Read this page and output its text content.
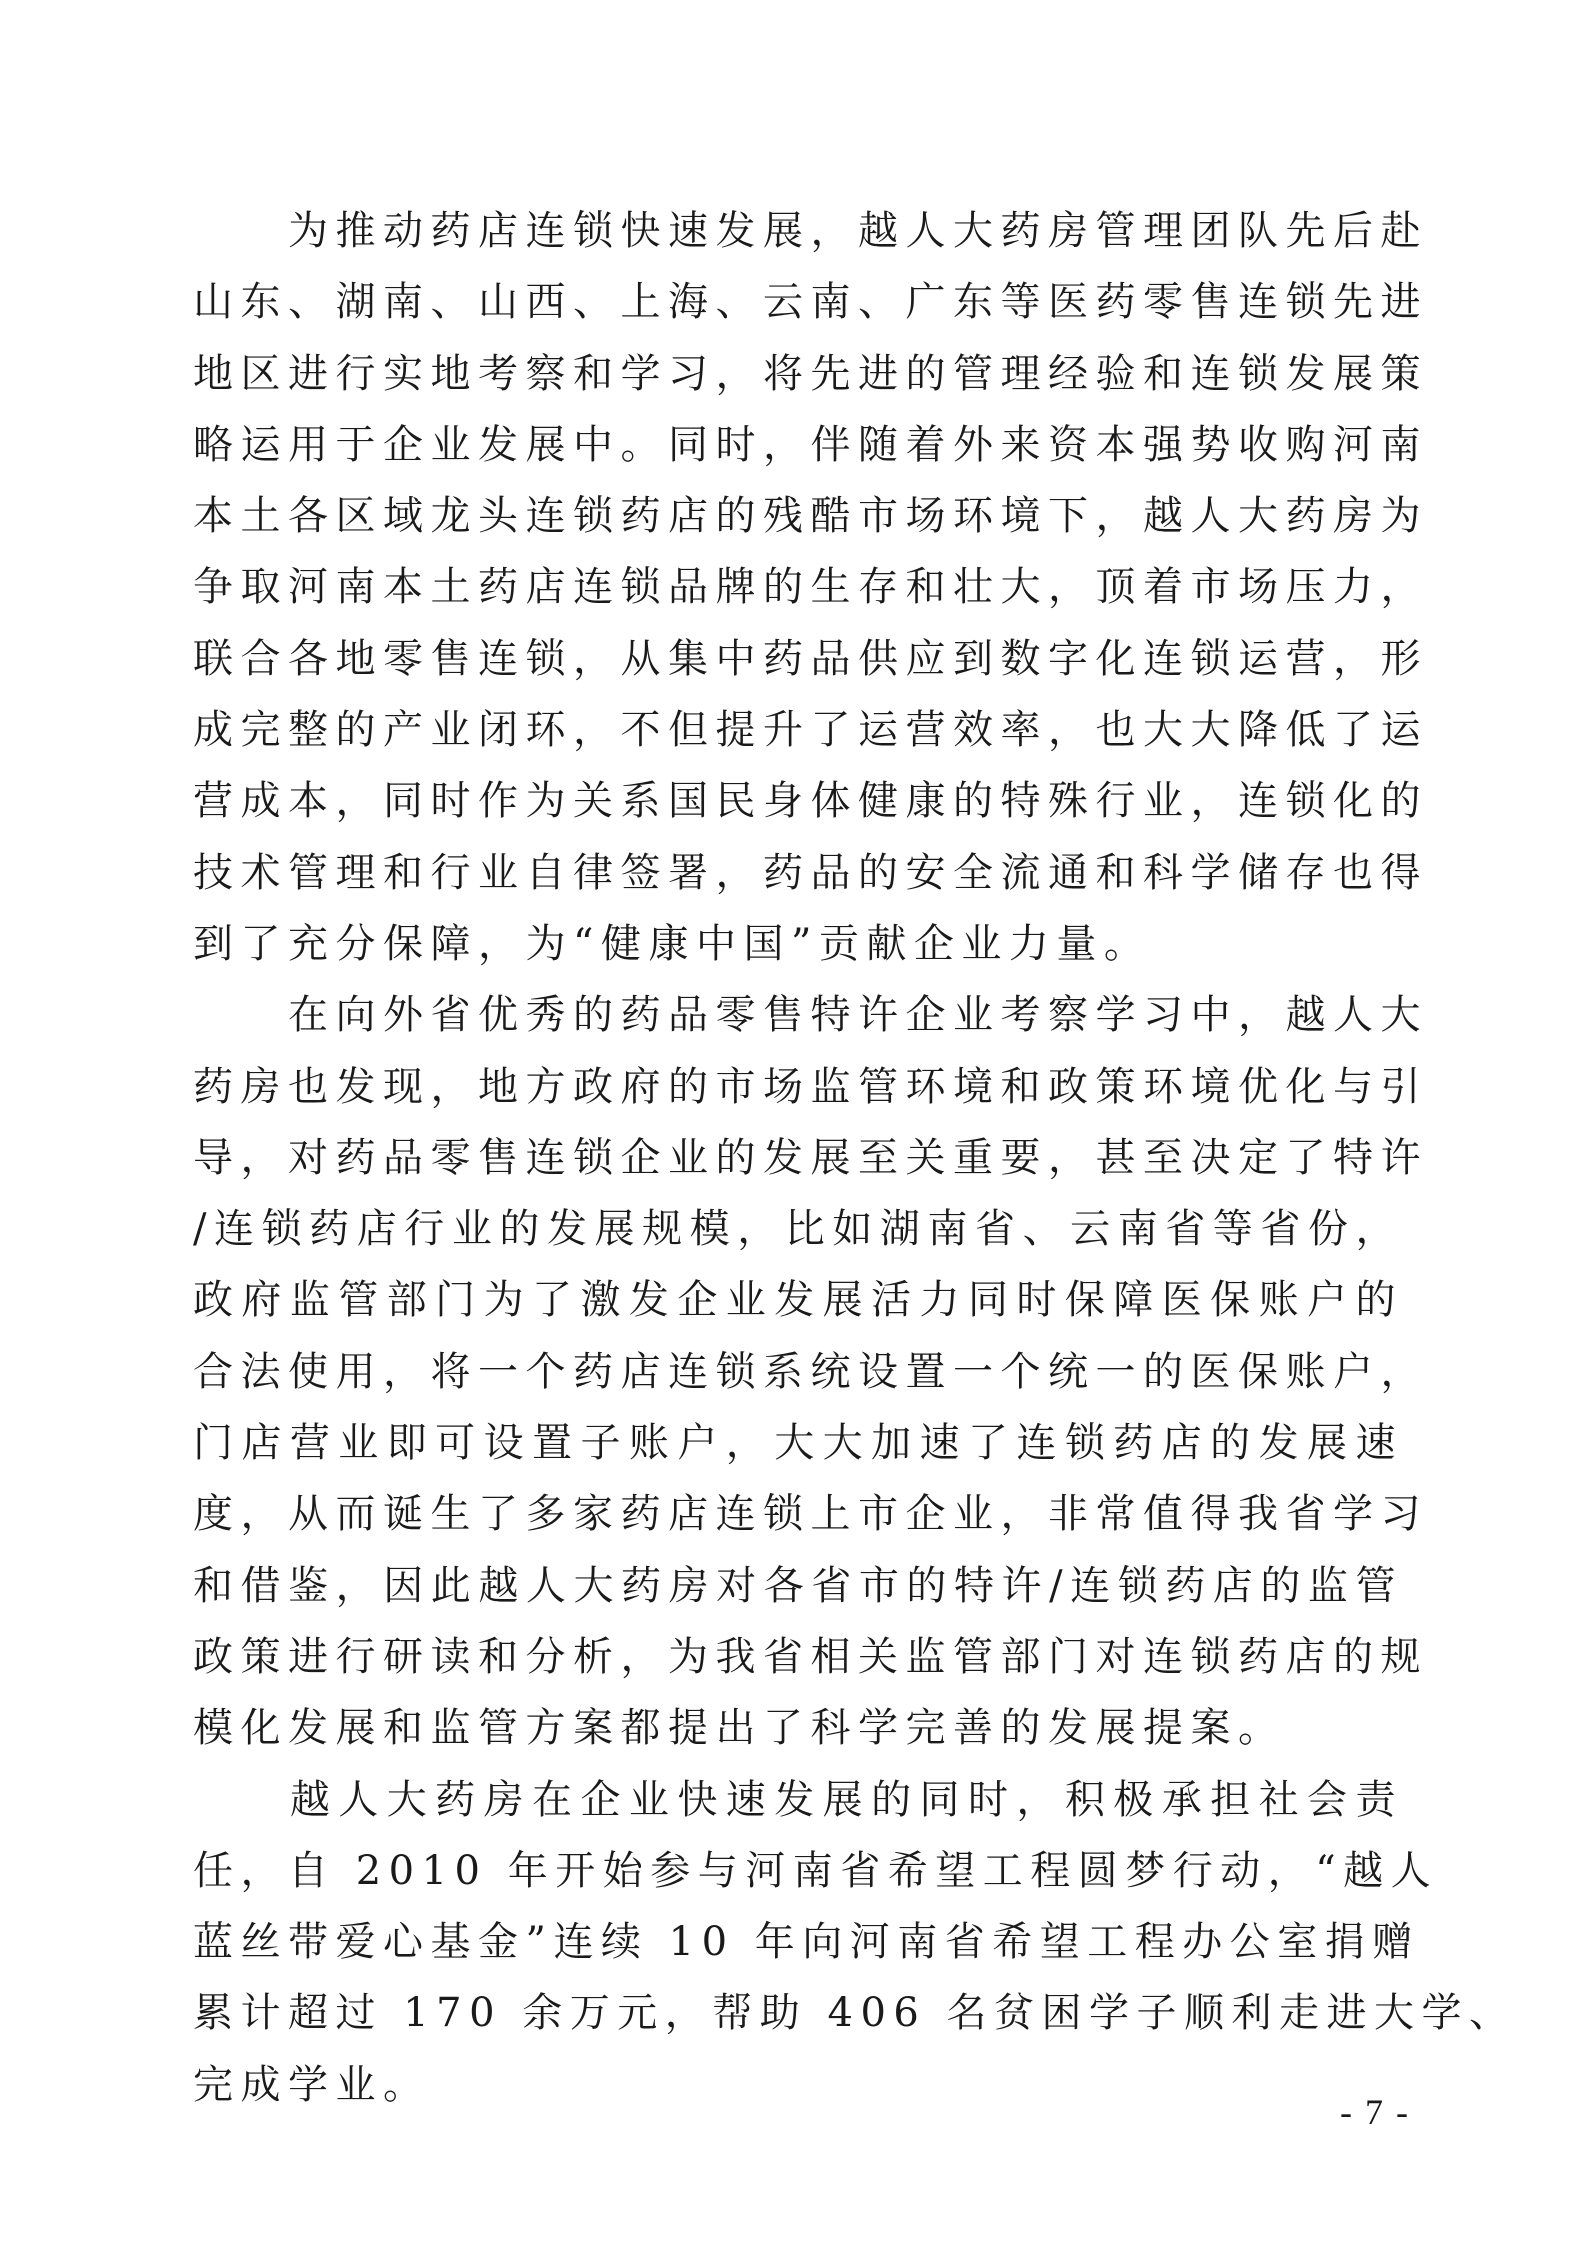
　　为推动药店连锁快速发展，越人大药房管理团队先后赴
山东、湖南、山西、上海、云南、广东等医药零售连锁先进
地区进行实地考察和学习，将先进的管理经验和连锁发展策
略运用于企业发展中。同时，伴随着外来资本强势收购河南
本土各区域龙头连锁药店的残酷市场环境下，越人大药房为
争取河南本土药店连锁品牌的生存和壮大，顶着市场压力，
联合各地零售连锁，从集中药品供应到数字化连锁运营，形
成完整的产业闭环，不但提升了运营效率，也大大降低了运
营成本，同时作为关系国民身体健康的特殊行业，连锁化的
技术管理和行业自律签署，药品的安全流通和科学储存也得
到了充分保障，为“健康中国”贡献企业力量。
　　在向外省优秀的药品零售特许企业考察学习中，越人大
药房也发现，地方政府的市场监管环境和政策环境优化与引
导，对药品零售连锁企业的发展至关重要，甚至决定了特许
/连锁药店行业的发展规模，比如湖南省、云南省等省份，
政府监管部门为了激发企业发展活力同时保障医保账户的
合法使用，将一个药店连锁系统设置一个统一的医保账户，
门店营业即可设置子账户，大大加速了连锁药店的发展速
度，从而诞生了多家药店连锁上市企业，非常值得我省学习
和借鉴，因此越人大药房对各省市的特许/连锁药店的监管
政策进行研读和分析，为我省相关监管部门对连锁药店的规
模化发展和监管方案都提出了科学完善的发展提案。
　　越人大药房在企业快速发展的同时，积极承担社会责
任，自 2010 年开始参与河南省希望工程圆梦行动，“越人
蓝丝带爱心基金”连续 10 年向河南省希望工程办公室捐赠
累计超过 170 余万元，帮助 406 名贫困学子顺利走进大学、
完成学业。
- 7 -
